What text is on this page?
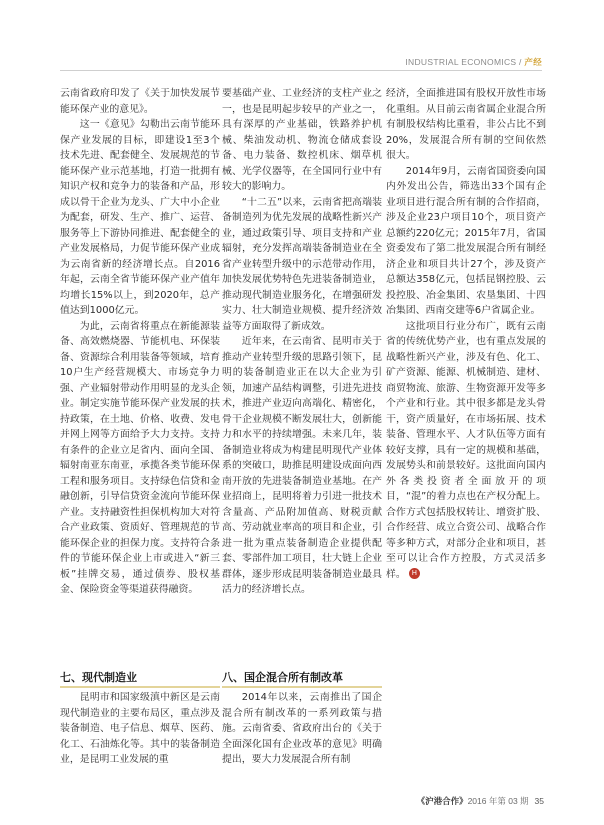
INDUSTRIAL ECONOMICS / 产经

云南省政府印发了《关于加快发展节能环保产业的意见》。

这一《意见》勾勒出云南节能环保产业发展的目标，即建设1至3个技术先进、配套健全、发展规范的节能环保产业示范基地，打造一批拥有知识产权和竞争力的装备和产品，形成以骨干企业为龙头、广大中小企业为配套，研发、生产、推广、运营、服务等上下游协同推进、配套健全的产业发展格局，力促节能环保产业成为云南省新的经济增长点。自2016年起，云南全省节能环保产业产值年均增长15%以上，到2020年，总产值达到1000亿元。

为此，云南省将重点在新能源装备、高效燃烧器、节能机电、环保装备、资源综合利用装备等领域，培育10户生产经营规模大、市场竞争力强、产业辐射带动作用明显的龙头企业。制定实施节能环保产业发展的扶持政策，在土地、价格、收费、发电并网上网等方面给予大力支持。支持有条件的企业立足省内、面向全国、辐射南亚东南亚，承揽各类节能环保工程和服务项目。支持绿色信贷和金融创新，引导信贷资金流向节能环保产业。支持融资性担保机构加大对符合产业政策、资质好、管理规范的节能环保企业的担保力度。支持符合条件的节能环保企业上市或进入“新三板”挂牌交易，通过债券、股权基金、保险资金等渠道获得融资。

要基础产业、工业经济的支柱产业之一，也是昆明起步较早的产业之一，具有深厚的产业基础，铁路养护机械、柴油发动机、物流仓储成套设备、电力装备、数控机床、烟草机械、光学仪器等，在全国同行业中有较大的影响力。

“十二五”以来，云南省把高端装备制造列为优先发展的战略性新兴产业，通过政策引导、项目支持和产业辐射，充分发挥高端装备制造业在全省产业转型升级中的示范带动作用，加快发展优势特色先进装备制造业，推动现代制造业服务化，在增强研发实力、壮大制造业规模、提升经济效益等方面取得了新成效。

近年来，在云南省、昆明市关于推动产业转型升级的思路引领下，昆明的装备制造业正在以大企业为引领，加速产品结构调整，引进先进技术，推进产业迈向高端化、精密化，骨干企业规模不断发展壮大，创新能力和水平的持续增强。未来几年，装备制造业将成为构建昆明现代产业体系的突破口，助推昆明建设成面向西南开放的先进装备制造业基地。在产业招商上，昆明将着力引进一批技术含量高、产品附加值高、财税贡献高、劳动就业率高的项目和企业，引进一批为重点装备制造企业提供配套、零部件加工项目，壮大链上企业群体，逐步形成昆明装备制造业最具活力的经济增长点。

经济，全面推进国有股权开放性市场化重组。从目前云南省属企业混合所有制股权结构比重看，非公占比不到20%，发展混合所有制的空间依然很大。

2014年9月，云南省国资委向国内外发出公告，筛选出33个国有企业项目进行混合所有制的合作招商，涉及企业23户项目10个，项目资产总额约220亿元；2015年7月，省国资委发布了第二批发展混合所有制经济企业和项目共计27个，涉及资产总额达358亿元，包括昆钢控股、云投控股、冶金集团、农垦集团、十四冶集团、西南交建等6户省属企业。

这批项目行业分布广，既有云南省的传统优势产业，也有重点发展的战略性新兴产业，涉及有色、化工、矿产资源、能源、机械制造、建材、商贸物流、旅游、生物资源开发等多个产业和行业。其中很多都是龙头骨干，资产质量好，在市场拓展、技术装备、管理水平、人才队伍等方面有较好支撑，具有一定的规模和基础，发展势头和前景较好。这批面向国内外各类投资者全面放开的项目，“混”的着力点也在产权分配上。合作方式包括股权转让、增资扩股、合作经营、成立合资公司、战略合作等多种方式，对部分企业和项目，甚至可以让合作方控股，方式灵活多样。 H

七、现代制造业

昆明市和国家级滇中新区是云南现代制造业的主要布局区，重点涉及装备制造、电子信息、烟草、医药、化工、石油炼化等。其中的装备制造业，是昆明工业发展的重

八、国企混合所有制改革

2014年以来，云南推出了国企混合所有制改革的一系列政策与措施。云南省委、省政府出台的《关于全面深化国有企业改革的意见》明确提出，要大力发展混合所有制

《沪港合作》2016 年第 03 期 35
